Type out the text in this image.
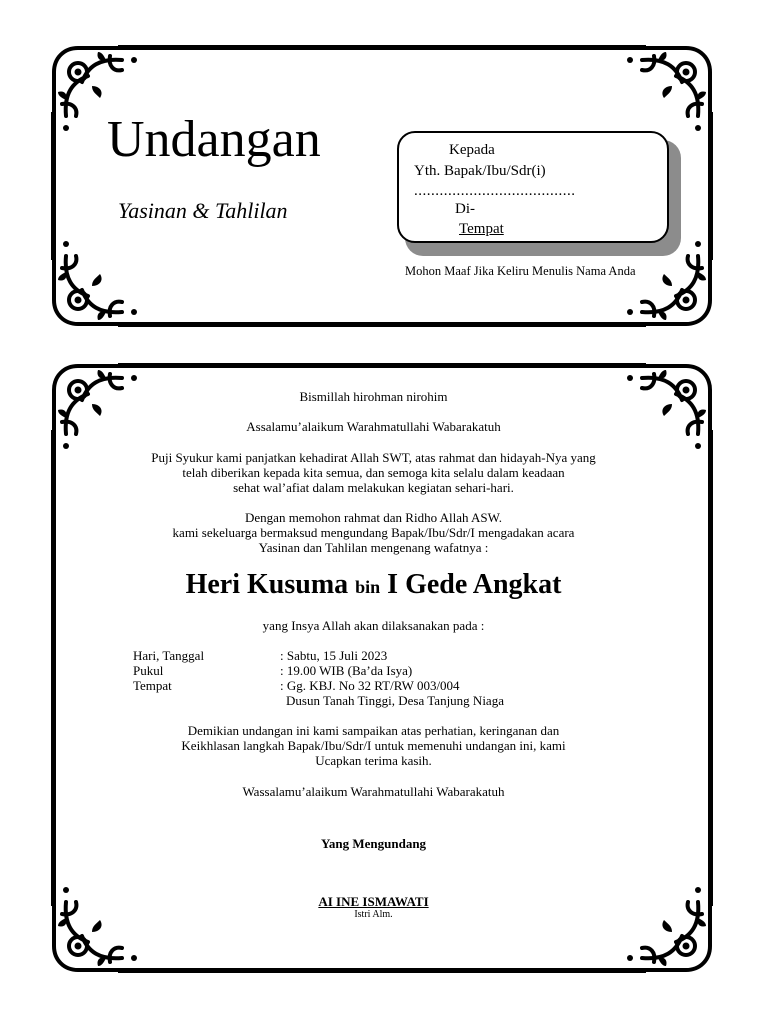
Undangan

Yasinan & Tahlilan

Kepada
Yth. Bapak/Ibu/Sdr(i)
......................................
Di-
Tempat
Mohon Maaf Jika Keliru Menulis Nama Anda
Bismillah hirohman nirohim
Assalamu’alaikum Warahmatullahi Wabarakatuh
Puji Syukur kami panjatkan kehadirat Allah SWT, atas rahmat dan hidayah-Nya yang
telah diberikan kepada kita semua, dan semoga kita selalu dalam keadaan
sehat wal’afiat dalam melakukan kegiatan sehari-hari.
Dengan memohon rahmat dan Ridho Allah ASW.
kami sekeluarga bermaksud mengundang Bapak/Ibu/Sdr/I mengadakan acara
Yasinan dan Tahlilan mengenang wafatnya :
Heri Kusuma bin I Gede Angkat
yang Insya Allah akan dilaksanakan pada :
Hari, Tanggal	: Sabtu, 15 Juli 2023
Pukul	: 19.00 WIB (Ba’da Isya)
Tempat	: Gg. KBJ. No 32 RT/RW 003/004
Dusun Tanah Tinggi, Desa Tanjung Niaga
Demikian undangan ini kami sampaikan atas perhatian, keringanan dan
Keikhlasan langkah Bapak/Ibu/Sdr/I untuk memenuhi undangan ini, kami
Ucapkan terima kasih.
Wassalamu’alaikum Warahmatullahi Wabarakatuh
Yang Mengundang
AI INE ISMAWATI
Istri Alm.
